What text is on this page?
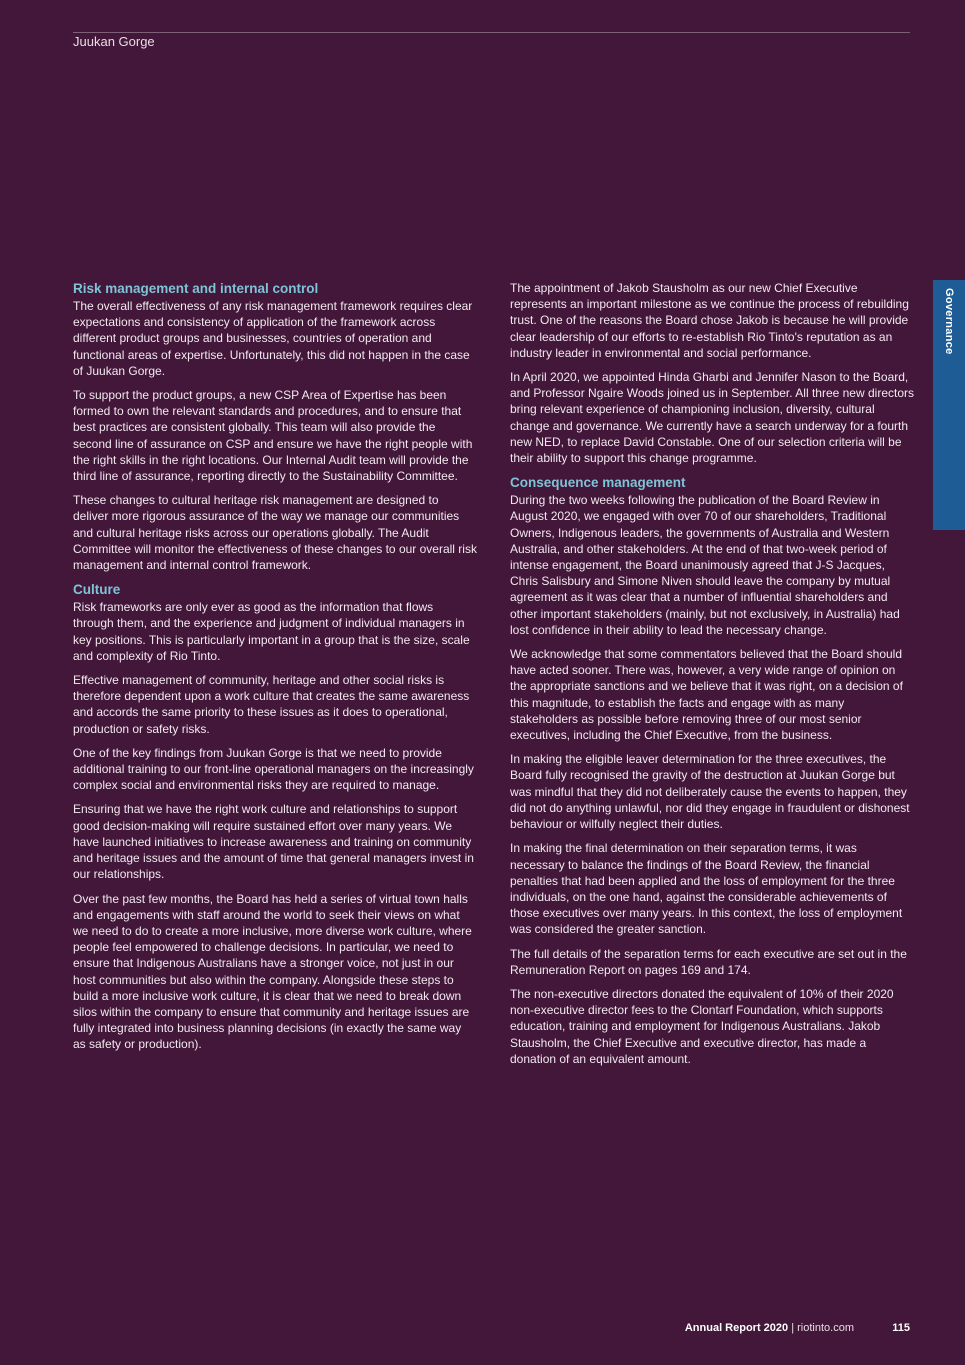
Juukan Gorge
Governance
Risk management and internal control

The overall effectiveness of any risk management framework requires clear expectations and consistency of application of the framework across different product groups and businesses, countries of operation and functional areas of expertise. Unfortunately, this did not happen in the case of Juukan Gorge.

To support the product groups, a new CSP Area of Expertise has been formed to own the relevant standards and procedures, and to ensure that best practices are consistent globally. This team will also provide the second line of assurance on CSP and ensure we have the right people with the right skills in the right locations. Our Internal Audit team will provide the third line of assurance, reporting directly to the Sustainability Committee.

These changes to cultural heritage risk management are designed to deliver more rigorous assurance of the way we manage our communities and cultural heritage risks across our operations globally. The Audit Committee will monitor the effectiveness of these changes to our overall risk management and internal control framework.

Culture

Risk frameworks are only ever as good as the information that flows through them, and the experience and judgment of individual managers in key positions. This is particularly important in a group that is the size, scale and complexity of Rio Tinto.

Effective management of community, heritage and other social risks is therefore dependent upon a work culture that creates the same awareness and accords the same priority to these issues as it does to operational, production or safety risks.

One of the key findings from Juukan Gorge is that we need to provide additional training to our front-line operational managers on the increasingly complex social and environmental risks they are required to manage.

Ensuring that we have the right work culture and relationships to support good decision-making will require sustained effort over many years. We have launched initiatives to increase awareness and training on community and heritage issues and the amount of time that general managers invest in our relationships.

Over the past few months, the Board has held a series of virtual town halls and engagements with staff around the world to seek their views on what we need to do to create a more inclusive, more diverse work culture, where people feel empowered to challenge decisions. In particular, we need to ensure that Indigenous Australians have a stronger voice, not just in our host communities but also within the company. Alongside these steps to build a more inclusive work culture, it is clear that we need to break down silos within the company to ensure that community and heritage issues are fully integrated into business planning decisions (in exactly the same way as safety or production).

The appointment of Jakob Stausholm as our new Chief Executive represents an important milestone as we continue the process of rebuilding trust. One of the reasons the Board chose Jakob is because he will provide clear leadership of our efforts to re-establish Rio Tinto's reputation as an industry leader in environmental and social performance.

In April 2020, we appointed Hinda Gharbi and Jennifer Nason to the Board, and Professor Ngaire Woods joined us in September. All three new directors bring relevant experience of championing inclusion, diversity, cultural change and governance. We currently have a search underway for a fourth new NED, to replace David Constable. One of our selection criteria will be their ability to support this change programme.

Consequence management

During the two weeks following the publication of the Board Review in August 2020, we engaged with over 70 of our shareholders, Traditional Owners, Indigenous leaders, the governments of Australia and Western Australia, and other stakeholders. At the end of that two-week period of intense engagement, the Board unanimously agreed that J-S Jacques, Chris Salisbury and Simone Niven should leave the company by mutual agreement as it was clear that a number of influential shareholders and other important stakeholders (mainly, but not exclusively, in Australia) had lost confidence in their ability to lead the necessary change.

We acknowledge that some commentators believed that the Board should have acted sooner. There was, however, a very wide range of opinion on the appropriate sanctions and we believe that it was right, on a decision of this magnitude, to establish the facts and engage with as many stakeholders as possible before removing three of our most senior executives, including the Chief Executive, from the business.

In making the eligible leaver determination for the three executives, the Board fully recognised the gravity of the destruction at Juukan Gorge but was mindful that they did not deliberately cause the events to happen, they did not do anything unlawful, nor did they engage in fraudulent or dishonest behaviour or wilfully neglect their duties.

In making the final determination on their separation terms, it was necessary to balance the findings of the Board Review, the financial penalties that had been applied and the loss of employment for the three individuals, on the one hand, against the considerable achievements of those executives over many years. In this context, the loss of employment was considered the greater sanction.

The full details of the separation terms for each executive are set out in the Remuneration Report on pages 169 and 174.

The non-executive directors donated the equivalent of 10% of their 2020 non-executive director fees to the Clontarf Foundation, which supports education, training and employment for Indigenous Australians. Jakob Stausholm, the Chief Executive and executive director, has made a donation of an equivalent amount.

Annual Report 2020 | riotinto.com	115
